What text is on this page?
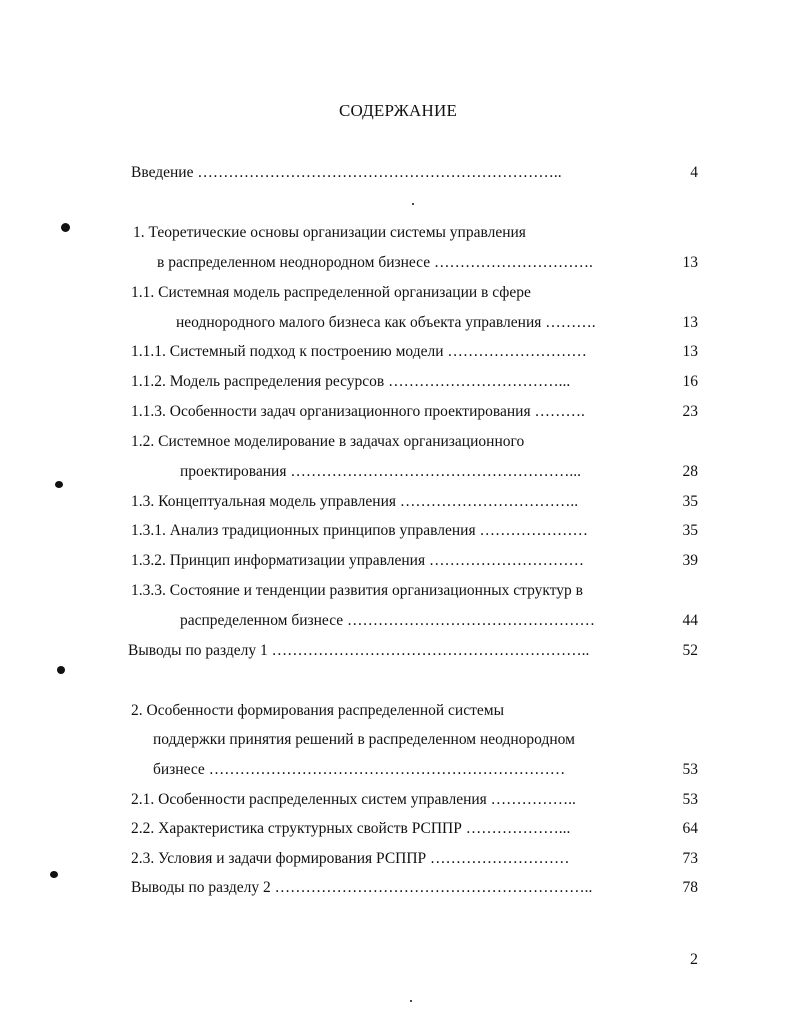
СОДЕРЖАНИЕ
Введение ……………………………………………………………..	4
1. Теоретические основы организации системы управления
в распределенном неоднородном бизнесе ………………………….	13
1.1. Системная модель распределенной организации в сфере
неоднородного малого бизнеса как объекта управления ……….	13
1.1.1. Системный подход к построению модели ………………………	13
1.1.2. Модель распределения ресурсов ……………………………...	16
1.1.3. Особенности задач организационного проектирования ……….	23
1.2. Системное моделирование в задачах организационного
проектирования ………………………………………………...	28
1.3. Концептуальная модель управления ……………………………..	35
1.3.1. Анализ традиционных принципов управления …………………	35
1.3.2. Принцип информатизации управления …………………………	39
1.3.3. Состояние и тенденции развития организационных структур в
распределенном бизнесе …………………………………………	44
Выводы по разделу 1 ……………………………………………………..	52
2. Особенности формирования распределенной системы
поддержки принятия решений в распределенном неоднородном
бизнесе ……………………………………………………………	53
2.1. Особенности распределенных систем управления ……………..	53
2.2. Характеристика структурных свойств РСППР ………………...	64
2.3. Условия и задачи формирования РСППР ………………………	73
Выводы по разделу 2 ……………………………………………………..	78
2
